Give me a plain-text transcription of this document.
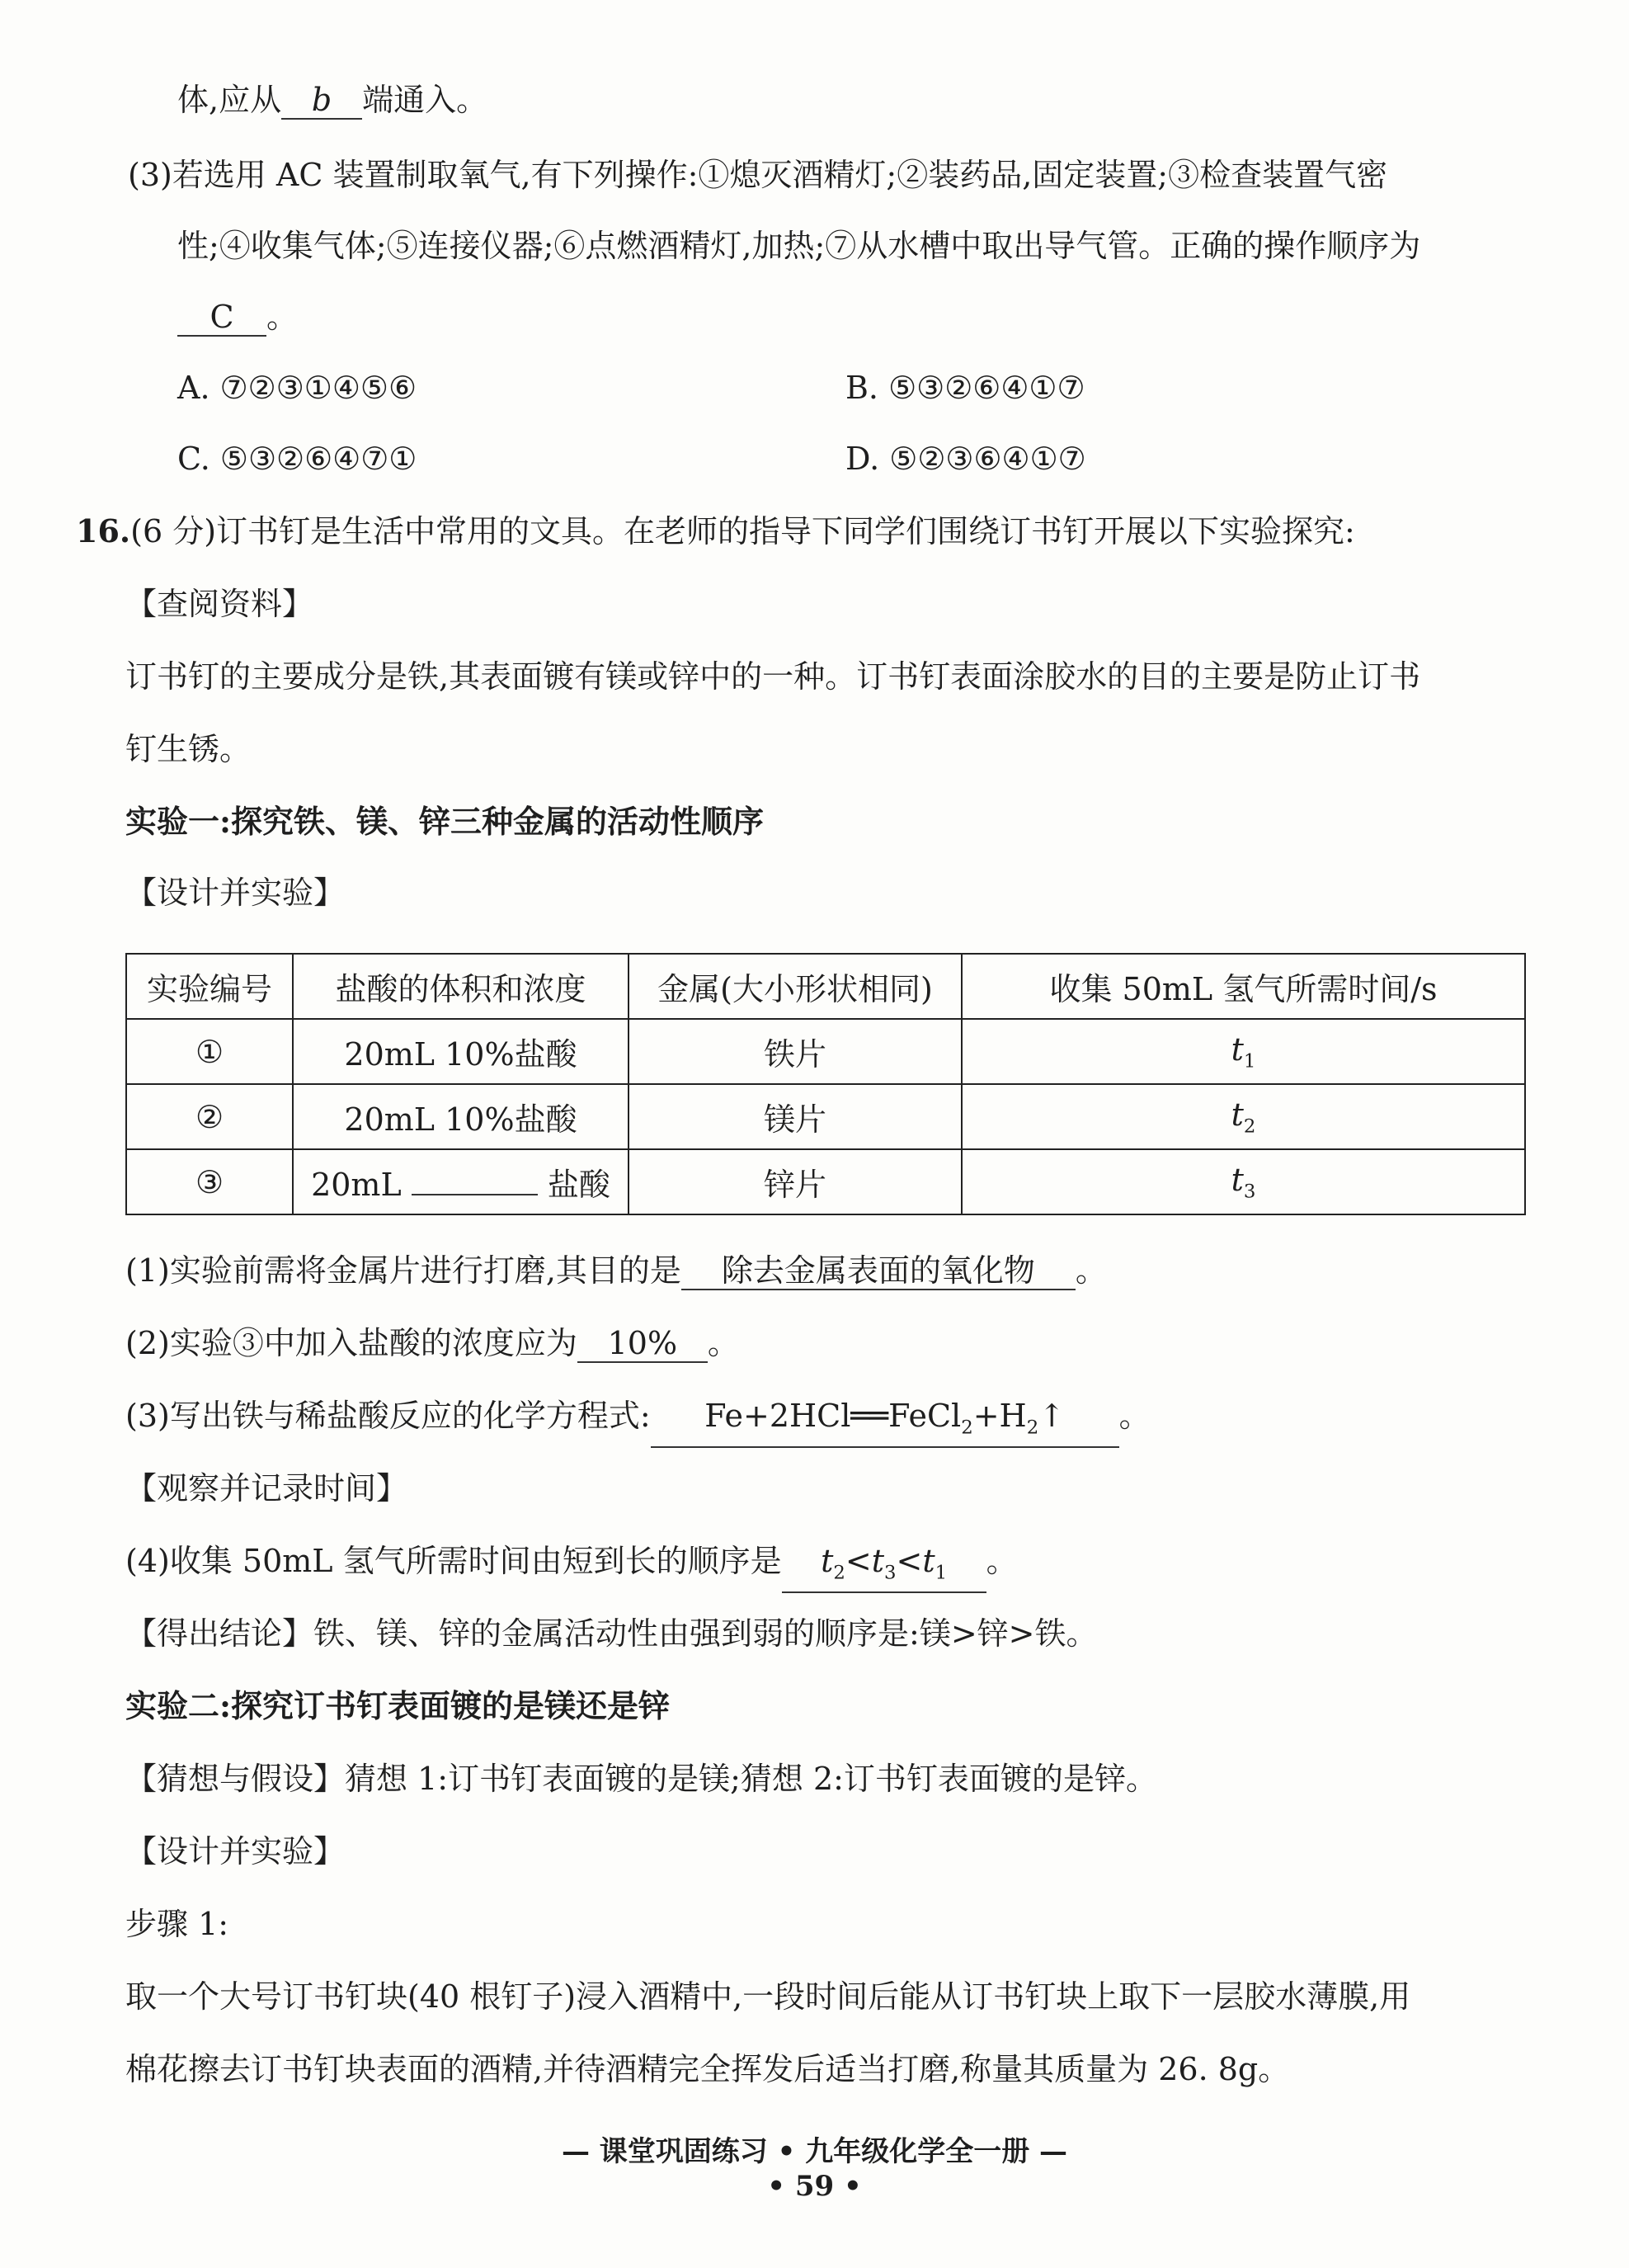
体,应从 b 端通入。
(3)若选用 AC 装置制取氧气,有下列操作:①熄灭酒精灯;②装药品,固定装置;③检查装置气密
性;④收集气体;⑤连接仪器;⑥点燃酒精灯,加热;⑦从水槽中取出导气管。正确的操作顺序为
C 。
A. ⑦②③①④⑤⑥	B. ⑤③②⑥④①⑦
C. ⑤③②⑥④⑦①	D. ⑤②③⑥④①⑦
16.(6 分)订书钉是生活中常用的文具。在老师的指导下同学们围绕订书钉开展以下实验探究:
【查阅资料】
订书钉的主要成分是铁,其表面镀有镁或锌中的一种。订书钉表面涂胶水的目的主要是防止订书
钉生锈。
实验一:探究铁、镁、锌三种金属的活动性顺序
【设计并实验】
实验编号	盐酸的体积和浓度	金属(大小形状相同)	收集 50mL 氢气所需时间/s
①	20mL 10%盐酸	铁片	$t_1$
②	20mL 10%盐酸	镁片	$t_2$
③	20mL 盐酸	锌片	$t_3$
(1)实验前需将金属片进行打磨,其目的是 除去金属表面的氧化物 。
(2)实验③中加入盐酸的浓度应为 10% 。
(3)写出铁与稀盐酸反应的化学方程式: $Fe+2HCl══FeCl_2+H_2↑$ 。
【观察并记录时间】
(4)收集 50mL 氢气所需时间由短到长的顺序是 $t_2<t_3<t_1$ 。
【得出结论】铁、镁、锌的金属活动性由强到弱的顺序是:镁>锌>铁。
实验二:探究订书钉表面镀的是镁还是锌
【猜想与假设】猜想 1:订书钉表面镀的是镁;猜想 2:订书钉表面镀的是锌。
【设计并实验】
步骤 1:
取一个大号订书钉块(40 根钉子)浸入酒精中,一段时间后能从订书钉块上取下一层胶水薄膜,用
棉花擦去订书钉块表面的酒精,并待酒精完全挥发后适当打磨,称量其质量为 26. 8g。
— 课堂巩固练习 • 九年级化学全一册 —
• 59 •
